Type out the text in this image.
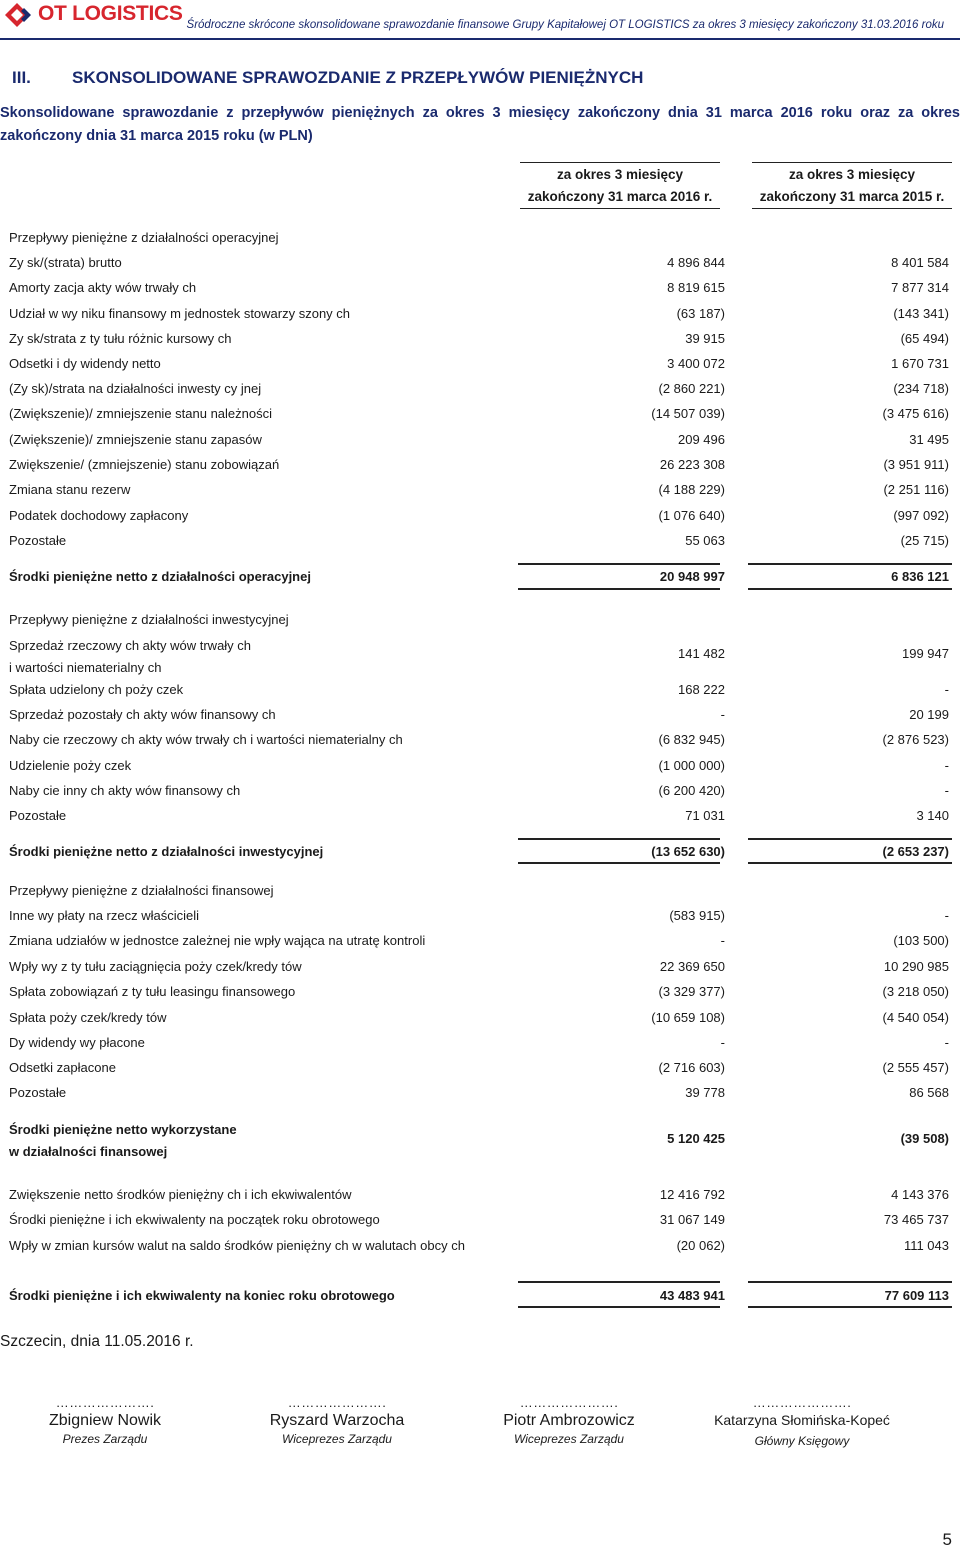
OT LOGISTICS Śródroczne skrócone skonsolidowane sprawozdanie finansowe Grupy Kapitałowej OT LOGISTICS za okres 3 miesięcy zakończony 31.03.2016 roku
III. SKONSOLIDOWANE SPRAWOZDANIE Z PRZEPŁYWÓW PIENIĘŻNYCH
Skonsolidowane sprawozdanie z przepływów pieniężnych za okres 3 miesięcy zakończony dnia 31 marca 2016 roku oraz za okres zakończony dnia 31 marca 2015 roku (w PLN)
za okres 3 miesięcy
zakończony 31 marca 2016 r.
za okres 3 miesięcy
zakończony 31 marca 2015 r.
Przepływy pieniężne z działalności operacyjnej
Zy sk/(strata) brutto	4 896 844	8 401 584
Amorty zacja akty wów trwały ch	8 819 615	7 877 314
Udział w wy niku finansowy m jednostek stowarzy szony ch	(63 187)	(143 341)
Zy sk/strata z ty tułu różnic kursowy ch	39 915	(65 494)
Odsetki i dy widendy netto	3 400 072	1 670 731
(Zy sk)/strata na działalności inwesty cy jnej	(2 860 221)	(234 718)
(Zwiększenie)/ zmniejszenie stanu należności	(14 507 039)	(3 475 616)
(Zwiększenie)/ zmniejszenie stanu zapasów	209 496	31 495
Zwiększenie/ (zmniejszenie) stanu zobowiązań	26 223 308	(3 951 911)
Zmiana stanu rezerw	(4 188 229)	(2 251 116)
Podatek dochodowy zapłacony	(1 076 640)	(997 092)
Pozostałe	55 063	(25 715)
Środki pieniężne netto z działalności operacyjnej	20 948 997	6 836 121
Przepływy pieniężne z działalności inwestycyjnej
Sprzedaż rzeczowy ch akty wów trwały ch
i wartości niematerialny ch
141 482	199 947
Spłata udzielony ch poży czek	168 222	-
Sprzedaż pozostały ch akty wów finansowy ch	-	20 199
Naby cie rzeczowy ch akty wów trwały ch i wartości niematerialny ch	(6 832 945)	(2 876 523)
Udzielenie poży czek	(1 000 000)	-
Naby cie inny ch akty wów finansowy ch	(6 200 420)	-
Pozostałe	71 031	3 140
Środki pieniężne netto z działalności inwestycyjnej	(13 652 630)	(2 653 237)
Przepływy pieniężne z działalności finansowej
Inne wy płaty na rzecz właścicieli	(583 915)	-
Zmiana udziałów w jednostce zależnej nie wpły wająca na utratę kontroli	-	(103 500)
Wpły wy z ty tułu zaciągnięcia poży czek/kredy tów	22 369 650	10 290 985
Spłata zobowiązań z ty tułu leasingu finansowego	(3 329 377)	(3 218 050)
Spłata poży czek/kredy tów	(10 659 108)	(4 540 054)
Dy widendy wy płacone	-	-
Odsetki zapłacone	(2 716 603)	(2 555 457)
Pozostałe	39 778	86 568
Środki pieniężne netto wykorzystane
w działalności finansowej
5 120 425	(39 508)
Zwiększenie netto środków pieniężny ch i ich ekwiwalentów	12 416 792	4 143 376
Środki pieniężne i ich ekwiwalenty na początek roku obrotowego	31 067 149	73 465 737
Wpły w zmian kursów walut na saldo środków pieniężny ch w walutach obcy ch	(20 062)	111 043
Środki pieniężne i ich ekwiwalenty na koniec roku obrotowego	43 483 941	77 609 113
Szczecin, dnia 11.05.2016 r.
………………….
Zbigniew Nowik
Prezes Zarządu
………………….
Ryszard Warzocha
Wiceprezes Zarządu
………………….
Piotr Ambrozowicz
Wiceprezes Zarządu
………………….
Katarzyna Słomińska-Kopeć
Główny Księgowy
5
